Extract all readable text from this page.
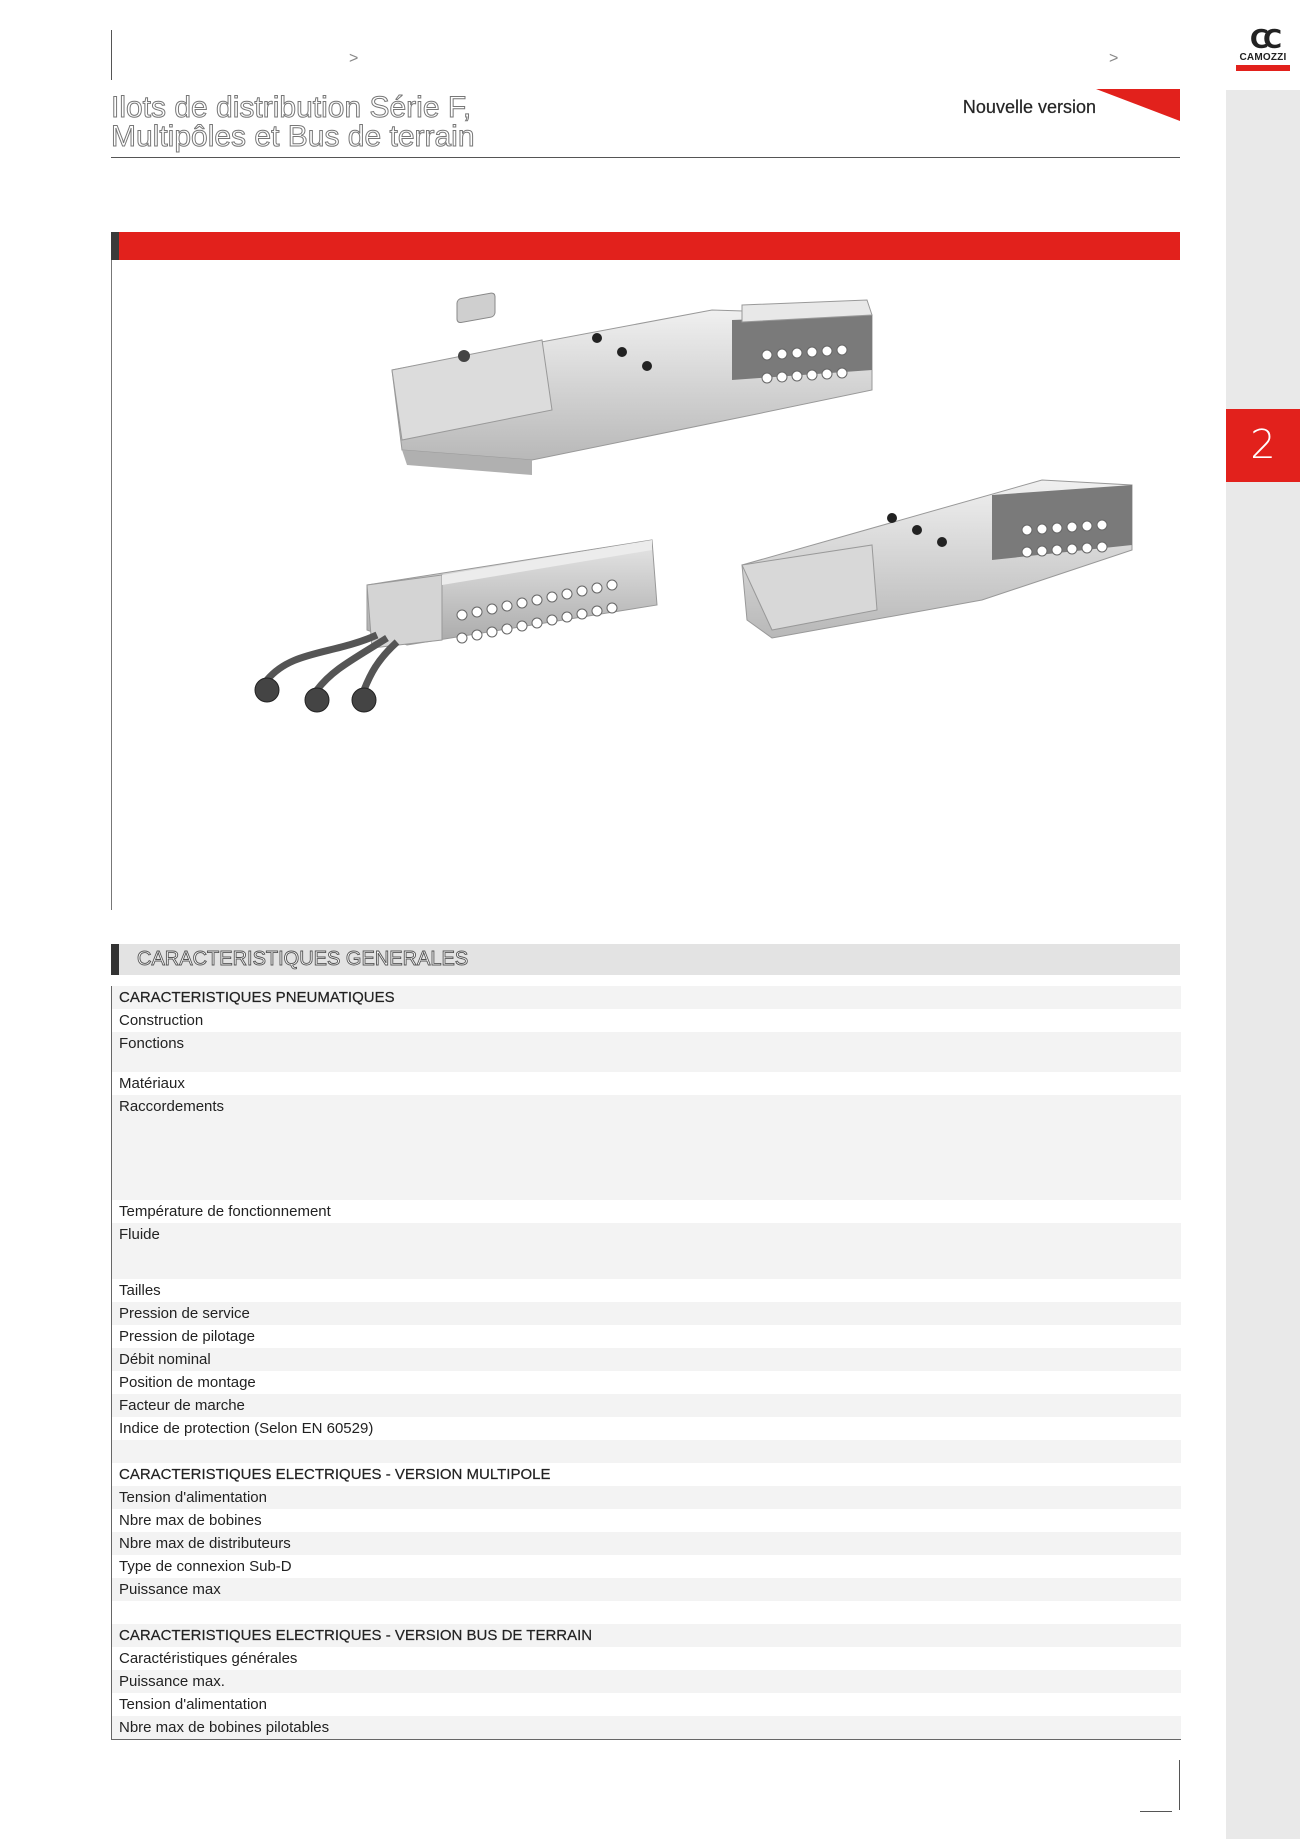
CC
CAMOZZI
2
>	>
Ilots de distribution Série F,
Multipôles et Bus de terrain
Nouvelle version
CARACTERISTIQUES GENERALES
CARACTERISTIQUES PNEUMATIQUES
Construction
Fonctions
Matériaux
Raccordements
Température de fonctionnement
Fluide
Tailles
Pression de service
Pression de pilotage
Débit nominal
Position de montage
Facteur de marche
Indice de protection (Selon EN 60529)
CARACTERISTIQUES ELECTRIQUES - VERSION MULTIPOLE
Tension d'alimentation
Nbre max de bobines
Nbre max de distributeurs
Type de connexion Sub-D
Puissance max
CARACTERISTIQUES ELECTRIQUES - VERSION BUS DE TERRAIN
Caractéristiques générales
Puissance max.
Tension d'alimentation
Nbre max de bobines pilotables
